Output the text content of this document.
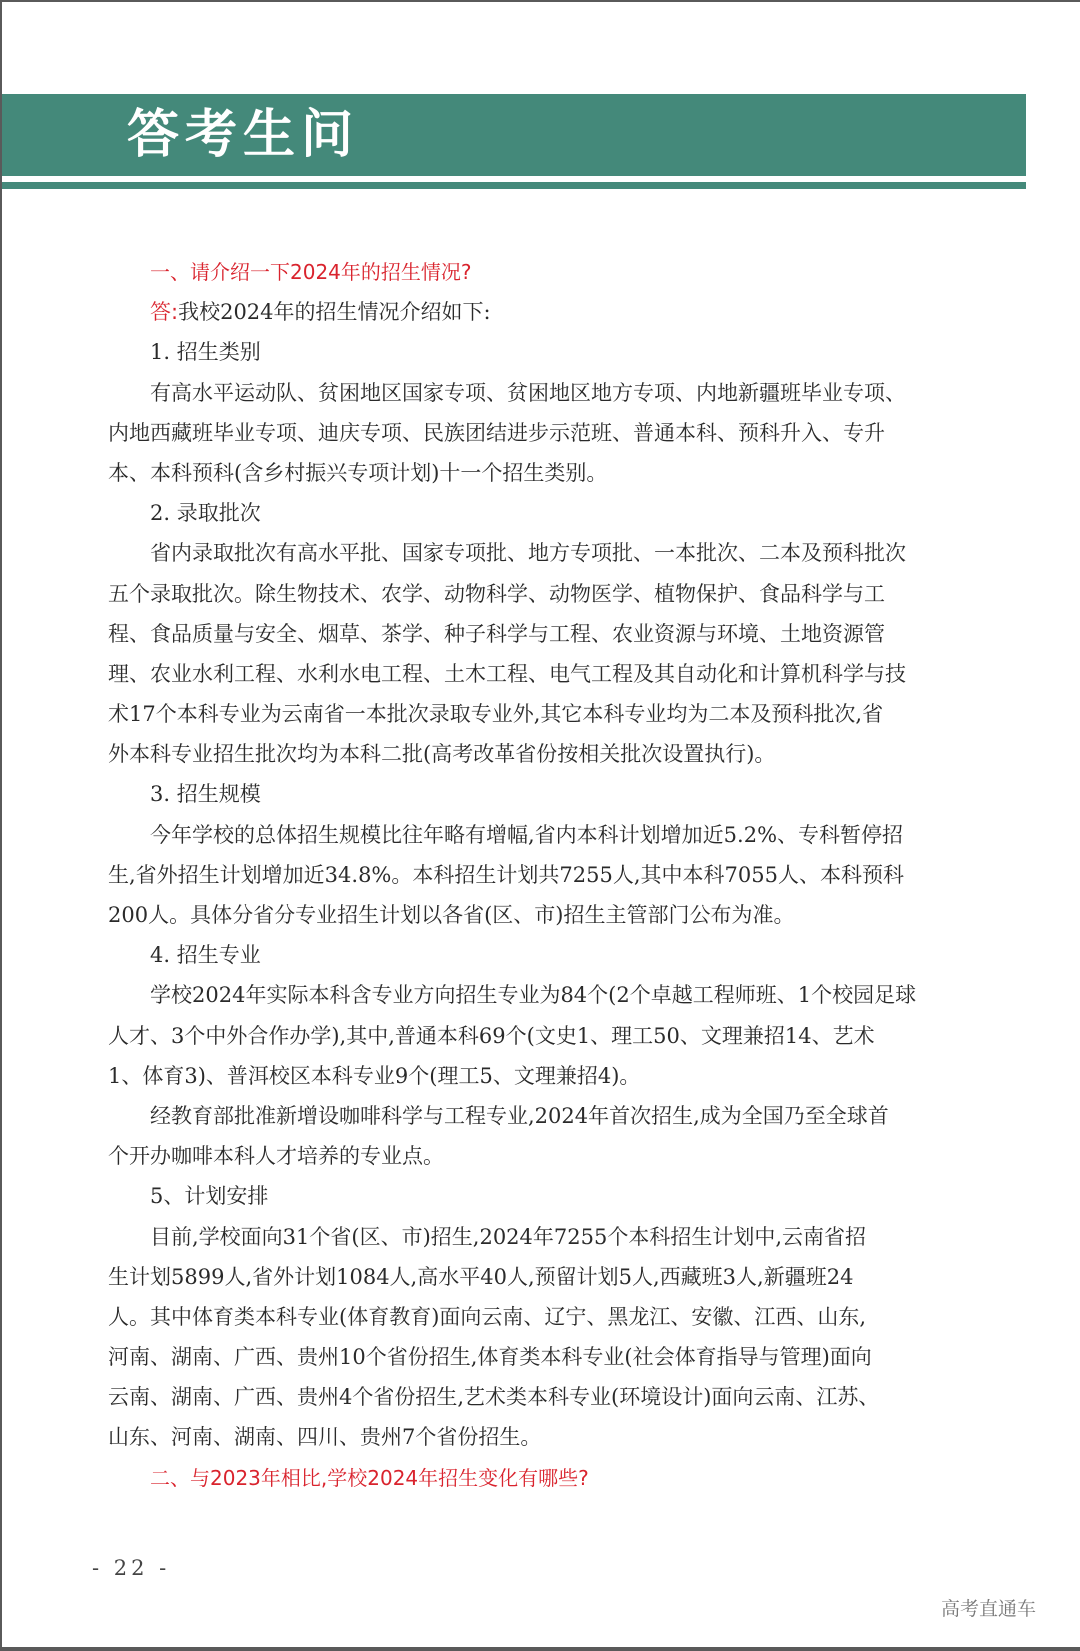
答考生问
一、请介绍一下2024年的招生情况?
答:我校2024年的招生情况介绍如下:
1. 招生类别
有高水平运动队、贫困地区国家专项、贫困地区地方专项、内地新疆班毕业专项、
内地西藏班毕业专项、迪庆专项、民族团结进步示范班、普通本科、预科升入、专升
本、本科预科(含乡村振兴专项计划)十一个招生类别。
2. 录取批次
省内录取批次有高水平批、国家专项批、地方专项批、一本批次、二本及预科批次
五个录取批次。除生物技术、农学、动物科学、动物医学、植物保护、食品科学与工
程、食品质量与安全、烟草、茶学、种子科学与工程、农业资源与环境、土地资源管
理、农业水利工程、水利水电工程、土木工程、电气工程及其自动化和计算机科学与技
术17个本科专业为云南省一本批次录取专业外,其它本科专业均为二本及预科批次,省
外本科专业招生批次均为本科二批(高考改革省份按相关批次设置执行)。
3. 招生规模
今年学校的总体招生规模比往年略有增幅,省内本科计划增加近5.2%、专科暂停招
生,省外招生计划增加近34.8%。本科招生计划共7255人,其中本科7055人、本科预科
200人。具体分省分专业招生计划以各省(区、市)招生主管部门公布为准。
4. 招生专业
学校2024年实际本科含专业方向招生专业为84个(2个卓越工程师班、1个校园足球
人才、3个中外合作办学),其中,普通本科69个(文史1、理工50、文理兼招14、艺术
1、体育3)、普洱校区本科专业9个(理工5、文理兼招4)。
经教育部批准新增设咖啡科学与工程专业,2024年首次招生,成为全国乃至全球首
个开办咖啡本科人才培养的专业点。
5、计划安排
目前,学校面向31个省(区、市)招生,2024年7255个本科招生计划中,云南省招
生计划5899人,省外计划1084人,高水平40人,预留计划5人,西藏班3人,新疆班24
人。其中体育类本科专业(体育教育)面向云南、辽宁、黑龙江、安徽、江西、山东,
河南、湖南、广西、贵州10个省份招生,体育类本科专业(社会体育指导与管理)面向
云南、湖南、广西、贵州4个省份招生,艺术类本科专业(环境设计)面向云南、江苏、
山东、河南、湖南、四川、贵州7个省份招生。
二、与2023年相比,学校2024年招生变化有哪些?
- 22 -
高考直通车
